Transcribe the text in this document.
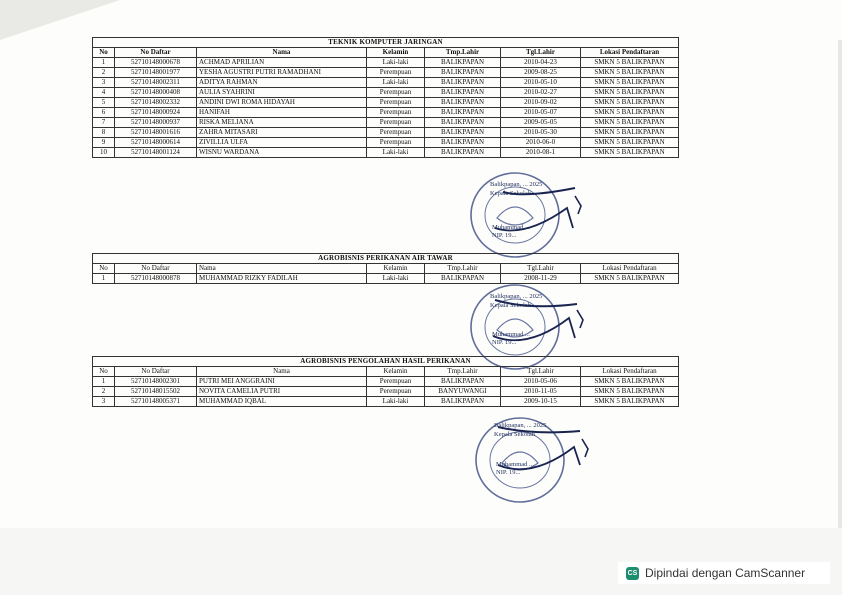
TEKNIK KOMPUTER JARINGAN						
No	No Daftar	Nama	Kelamin	Tmp.Lahir	Tgl.Lahir	Lokasi Pendaftaran
1	52710148000678	ACHMAD APRILIAN	Laki-laki	BALIKPAPAN	2010-04-23	SMKN 5 BALIKPAPAN
2	52710148001977	YESHA AGUSTRI PUTRI RAMADHANI	Perempuan	BALIKPAPAN	2009-08-25	SMKN 5 BALIKPAPAN
3	52710148002311	ADITYA RAHMAN	Laki-laki	BALIKPAPAN	2010-05-10	SMKN 5 BALIKPAPAN
4	52710148000408	AULIA SYAHRINI	Perempuan	BALIKPAPAN	2010-02-27	SMKN 5 BALIKPAPAN
5	52710148002332	ANDINI DWI ROMA HIDAYAH	Perempuan	BALIKPAPAN	2010-09-02	SMKN 5 BALIKPAPAN
6	52710148000924	HANIFAH	Perempuan	BALIKPAPAN	2010-05-07	SMKN 5 BALIKPAPAN
7	52710148000937	RISKA MELIANA	Perempuan	BALIKPAPAN	2009-05-05	SMKN 5 BALIKPAPAN
8	52710148001616	ZAHRA MITASARI	Perempuan	BALIKPAPAN	2010-05-30	SMKN 5 BALIKPAPAN
9	52710148000614	ZIVILLIA ULFA	Perempuan	BALIKPAPAN	2010-06-0	SMKN 5 BALIKPAPAN
10	52710148001124	WISNU WARDANA	Laki-laki	BALIKPAPAN	2010-08-1	SMKN 5 BALIKPAPAN
Balikpapan, ... 2025
Kepala Sekolah
Muhammad ...
NIP. 19...
AGROBISNIS PERIKANAN AIR TAWAR						
No	No Daftar	Nama	Kelamin	Tmp.Lahir	Tgl.Lahir	Lokasi Pendaftaran
1	52710148000878	MUHAMMAD RIZKY FADILAH	Laki-laki	BALIKPAPAN	2008-11-29	SMKN 5 BALIKPAPAN
Balikpapan, ... 2025
Kepala Sekolah
Muhammad ...
NIP. 19...
AGROBISNIS PENGOLAHAN HASIL PERIKANAN						
No	No Daftar	Nama	Kelamin	Tmp.Lahir	Tgl.Lahir	Lokasi Pendaftaran
1	52710148002301	PUTRI MEI ANGGRAINI	Perempuan	BALIKPAPAN	2010-05-06	SMKN 5 BALIKPAPAN
2	52710148015502	NOVITA CAMELIA PUTRI	Perempuan	BANYUWANGI	2010-11-05	SMKN 5 BALIKPAPAN
3	52710148005371	MUHAMMAD IQBAL	Laki-laki	BALIKPAPAN	2009-10-15	SMKN 5 BALIKPAPAN
Balikpapan, ... 2025
Kepala Sekolah
Muhammad ...
NIP. 19...
CS Dipindai dengan CamScanner
